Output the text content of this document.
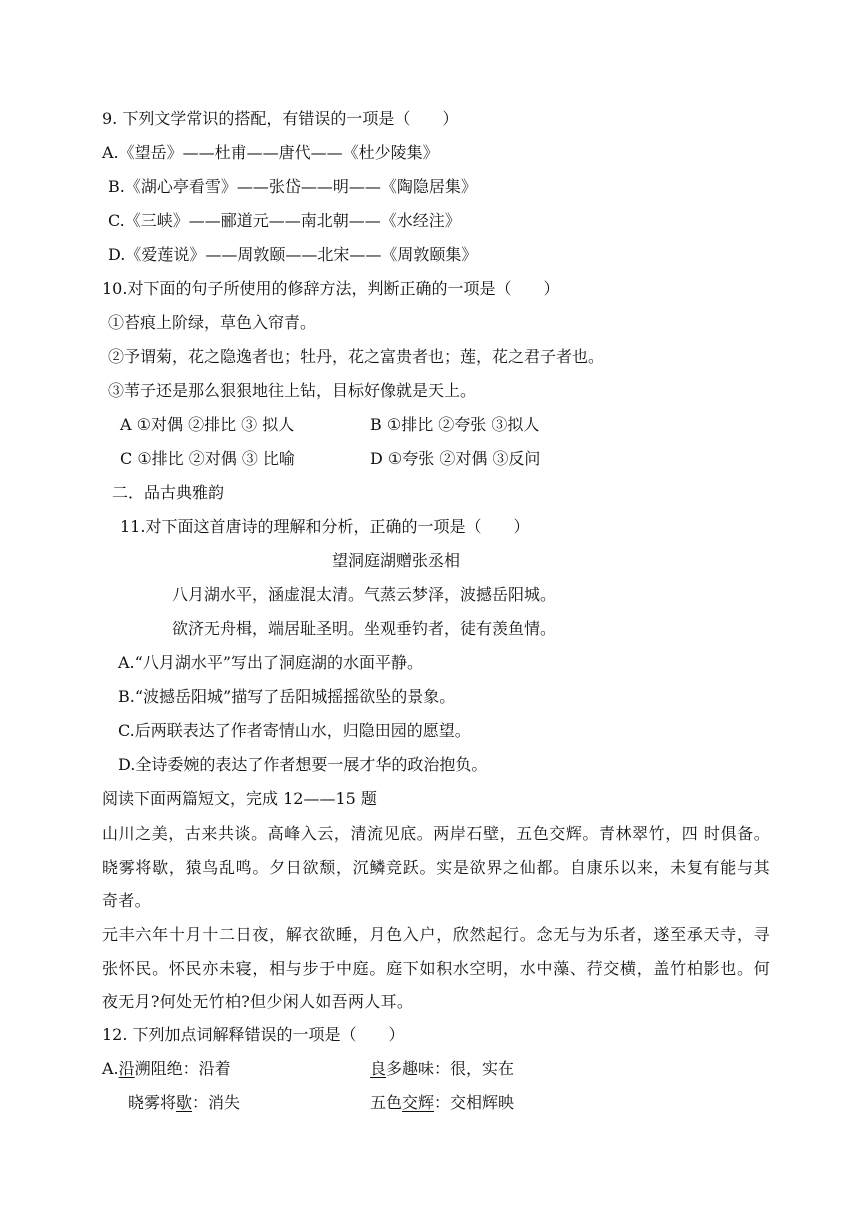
9. 下列文学常识的搭配，有错误的一项是（　　）
A.《望岳》——杜甫——唐代——《杜少陵集》
B.《湖心亭看雪》——张岱——明——《陶隐居集》
C.《三峡》——郦道元——南北朝——《水经注》
D.《爱莲说》——周敦颐——北宋——《周敦颐集》
10.对下面的句子所使用的修辞方法，判断正确的一项是（　　）
①苔痕上阶绿，草色入帘青。
②予谓菊，花之隐逸者也；牡丹，花之富贵者也；莲，花之君子者也。
③苇子还是那么狠狠地往上钻，目标好像就是天上。
A ①对偶 ②排比 ③ 拟人	B ①排比 ②夸张 ③拟人
C ①排比 ②对偶 ③ 比喻	D ①夸张 ②对偶 ③反问
二．品古典雅韵
11.对下面这首唐诗的理解和分析，正确的一项是（　　）
望洞庭湖赠张丞相
八月湖水平，涵虚混太清。气蒸云梦泽，波撼岳阳城。
欲济无舟楫，端居耻圣明。坐观垂钓者，徒有羡鱼情。
A.“八月湖水平”写出了洞庭湖的水面平静。
B.“波撼岳阳城”描写了岳阳城摇摇欲坠的景象。
C.后两联表达了作者寄情山水，归隐田园的愿望。
D.全诗委婉的表达了作者想要一展才华的政治抱负。
阅读下面两篇短文，完成 12——15 题
山川之美，古来共谈。高峰入云，清流见底。两岸石壁，五色交辉。青林翠竹，四 时俱备。晓雾将歇，猿鸟乱鸣。夕日欲颓，沉鳞竞跃。实是欲界之仙都。自康乐以来，未复有能与其奇者。
元丰六年十月十二日夜，解衣欲睡，月色入户，欣然起行。念无与为乐者，遂至承天寺，寻张怀民。怀民亦未寝，相与步于中庭。庭下如积水空明，水中藻、荇交横，盖竹柏影也。何夜无月?何处无竹柏?但少闲人如吾两人耳。
12. 下列加点词解释错误的一项是（　　）
A.沿溯阻绝：沿着	良多趣味：很，实在
晓雾将歇：消失	五色交辉：交相辉映
